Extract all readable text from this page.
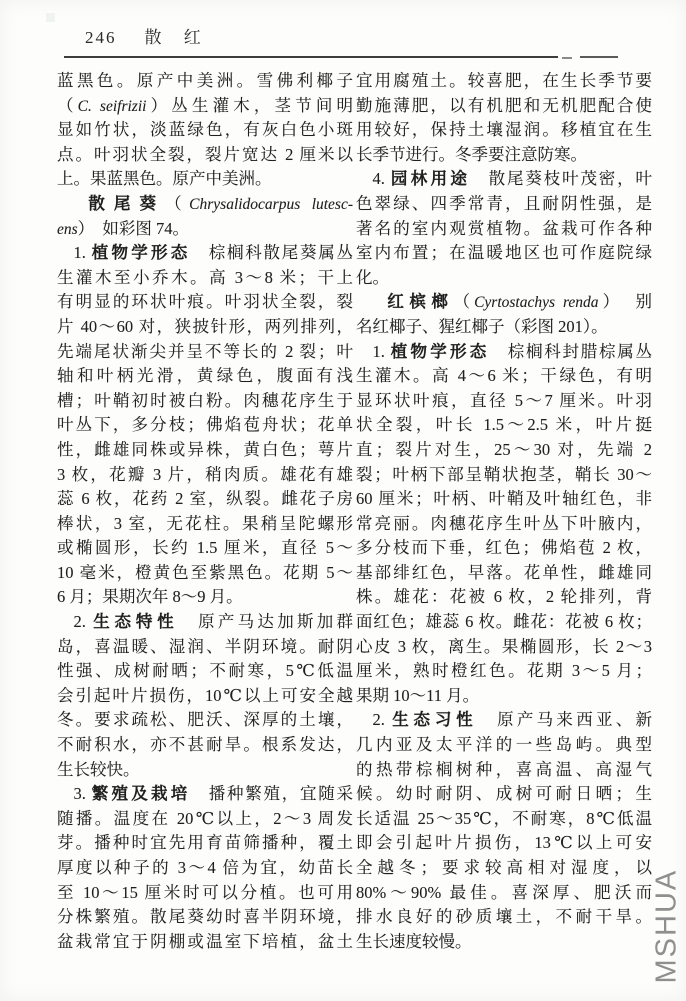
246 散 红
蓝黑色。原产中美洲。雪佛利椰子
（C. seifrizii）丛生灌木，茎节间明
显如竹状，淡蓝绿色，有灰白色小斑
点。叶羽状全裂，裂片宽达 2 厘米以
上。果蓝黑色。原产中美洲。
散尾葵（Chrysalidocarpus lutesc-
ens）　如彩图 74。
1. 植物学形态　棕榈科散尾葵属丛
生灌木至小乔木。高 3～8 米；干上
有明显的环状叶痕。叶羽状全裂，裂
片 40～60 对，狭披针形，两列排列，
先端尾状渐尖并呈不等长的 2 裂；叶
轴和叶柄光滑，黄绿色，腹面有浅
槽；叶鞘初时被白粉。肉穗花序生于
叶丛下，多分枝；佛焰苞舟状；花单
性，雌雄同株或异株，黄白色；萼片
3 枚，花瓣 3 片，稍肉质。雄花有雄
蕊 6 枚，花药 2 室，纵裂。雌花子房
棒状，3 室，无花柱。果稍呈陀螺形
或椭圆形，长约 1.5 厘米，直径 5～
10 毫米，橙黄色至紫黑色。花期 5～
6 月；果期次年 8～9 月。
2. 生态特性　原产马达加斯加群
岛，喜温暖、湿润、半阴环境。耐阴
性强、成树耐晒；不耐寒，5℃低温
会引起叶片损伤，10℃以上可安全越
冬。要求疏松、肥沃、深厚的土壤，
不耐积水，亦不甚耐旱。根系发达，
生长较快。
3. 繁殖及栽培　播种繁殖，宜随采
随播。温度在 20℃以上，2～3 周发
芽。播种时宜先用育苗筛播种，覆土
厚度以种子的 3～4 倍为宜，幼苗长
至 10～15 厘米时可以分植。也可用
分株繁殖。散尾葵幼时喜半阴环境，
盆栽常宜于阴棚或温室下培植，盆土
宜用腐殖土。较喜肥，在生长季节要
勤施薄肥，以有机肥和无机肥配合使
用较好，保持土壤湿润。移植宜在生
长季节进行。冬季要注意防寒。
4. 园林用途　散尾葵枝叶茂密，叶
色翠绿、四季常青，且耐阴性强，是
著名的室内观赏植物。盆栽可作各种
室内布置；在温暖地区也可作庭院绿
化。
红槟榔（Cyrtostachys renda）　别
名红椰子、猩红椰子（彩图 201）。
1. 植物学形态　棕榈科封腊棕属丛
生灌木。高 4～6 米；干绿色，有明
显环状叶痕，直径 5～7 厘米。叶羽
状全裂，叶长 1.5～2.5 米，叶片挺
直；裂片对生，25～30 对，先端 2
裂；叶柄下部呈鞘状抱茎，鞘长 30～
60 厘米；叶柄、叶鞘及叶轴红色，非
常亮丽。肉穗花序生叶丛下叶腋内，
多分枝而下垂，红色；佛焰苞 2 枚，
基部绯红色，早落。花单性，雌雄同
株。雄花：花被 6 枚，2 轮排列，背
面红色；雄蕊 6 枚。雌花：花被 6 枚；
心皮 3 枚，离生。果椭圆形，长 2～3
厘米，熟时橙红色。花期 3～5 月；
果期 10～11 月。
2. 生态习性　原产马来西亚、新
几内亚及太平洋的一些岛屿。典型
的热带棕榈树种，喜高温、高湿气
候。幼时耐阴、成树可耐日晒；生
长适温 25～35℃，不耐寒，8℃低温
即会引起叶片损伤，13℃以上可安
全越冬；要求较高相对湿度，以
80%～90% 最佳。喜深厚、肥沃而
排水良好的砂质壤土，不耐干旱。
生长速度较慢。	MSHUA
